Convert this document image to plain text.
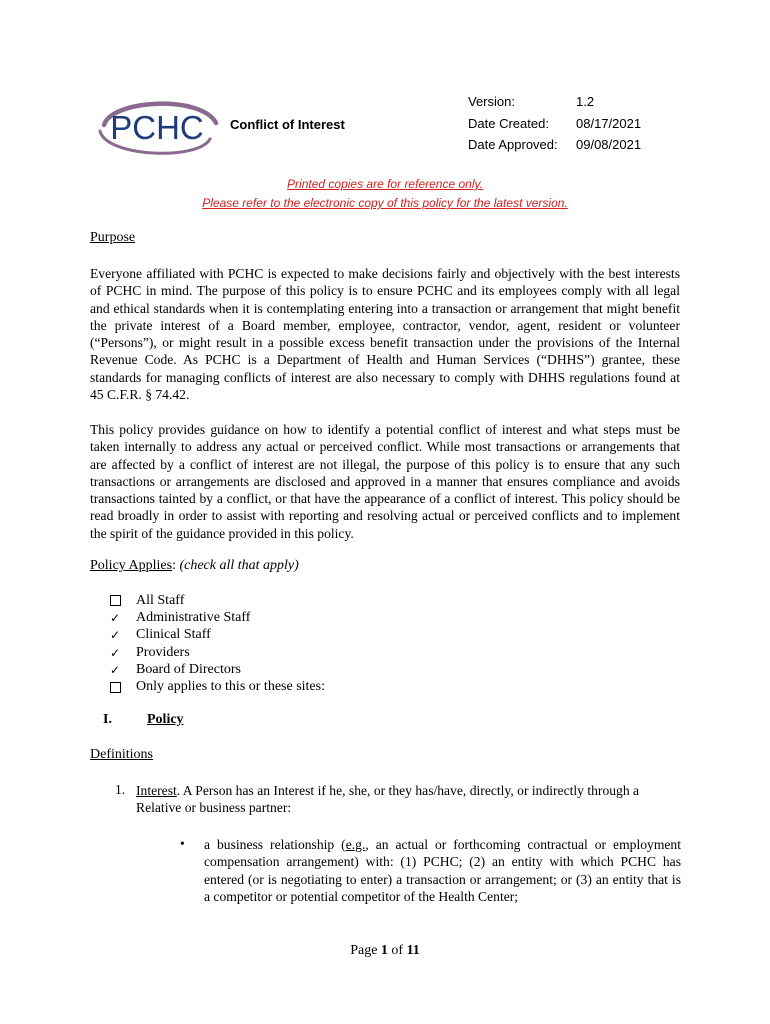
PCHC Conflict of Interest
Version:	1.2
Date Created:	08/17/2021
Date Approved:	09/08/2021
Printed copies are for reference only.
Please refer to the electronic copy of this policy for the latest version.
Purpose

Everyone affiliated with PCHC is expected to make decisions fairly and objectively with the best interests of PCHC in mind. The purpose of this policy is to ensure PCHC and its employees comply with all legal and ethical standards when it is contemplating entering into a transaction or arrangement that might benefit the private interest of a Board member, employee, contractor, vendor, agent, resident or volunteer (“Persons”), or might result in a possible excess benefit transaction under the provisions of the Internal Revenue Code. As PCHC is a Department of Health and Human Services (“DHHS”) grantee, these standards for managing conflicts of interest are also necessary to comply with DHHS regulations found at 45 C.F.R. § 74.42.

This policy provides guidance on how to identify a potential conflict of interest and what steps must be taken internally to address any actual or perceived conflict. While most transactions or arrangements that are affected by a conflict of interest are not illegal, the purpose of this policy is to ensure that any such transactions or arrangements are disclosed and approved in a manner that ensures compliance and avoids transactions tainted by a conflict, or that have the appearance of a conflict of interest. This policy should be read broadly in order to assist with reporting and resolving actual or perceived conflicts and to implement the spirit of the guidance provided in this policy.

Policy Applies: (check all that apply)
All Staff
✓	Administrative Staff
✓	Clinical Staff
✓	Providers
✓	Board of Directors
Only applies to this or these sites:
I.	Policy
Definitions
1. Interest. A Person has an Interest if he, she, or they has/have, directly, or indirectly through a Relative or business partner:

• a business relationship (e.g., an actual or forthcoming contractual or employment compensation arrangement) with: (1) PCHC; (2) an entity with which PCHC has entered (or is negotiating to enter) a transaction or arrangement; or (3) an entity that is a competitor or potential competitor of the Health Center;

Page 1 of 11
